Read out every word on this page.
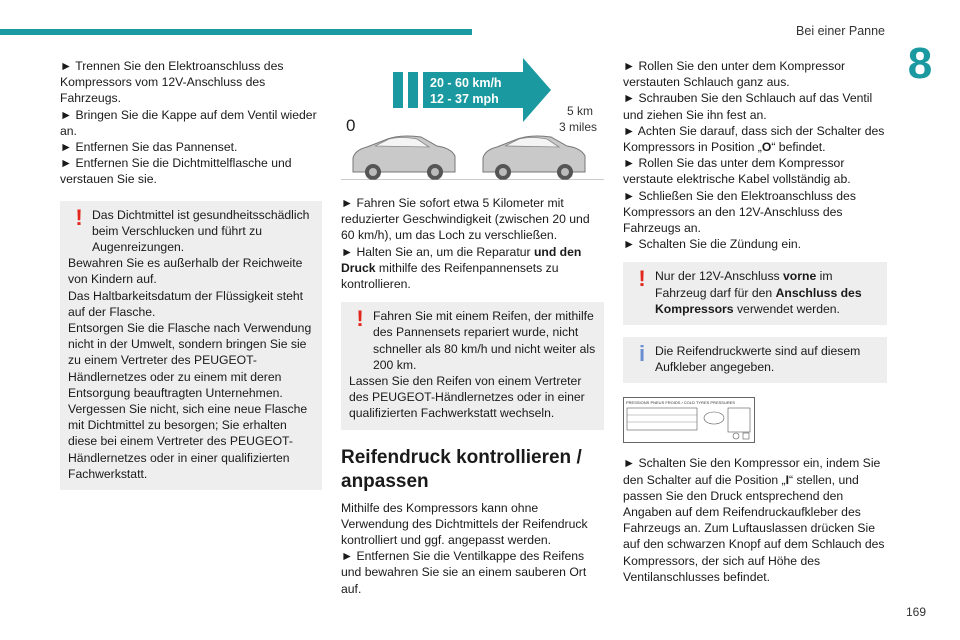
Bei einer Panne
8
169

► Trennen Sie den Elektroanschluss des Kompressors vom 12V-Anschluss des Fahrzeugs.

► Bringen Sie die Kappe auf dem Ventil wieder an.

► Entfernen Sie das Pannenset.

► Entfernen Sie die Dichtmittelflasche und verstauen Sie sie.

! Das Dichtmittel ist gesundheitsschädlich beim Verschlucken und führt zu Augenreizungen.

Bewahren Sie es außerhalb der Reichweite von Kindern auf.

Das Haltbarkeitsdatum der Flüssigkeit steht auf der Flasche.

Entsorgen Sie die Flasche nach Verwendung nicht in der Umwelt, sondern bringen Sie sie zu einem Vertreter des PEUGEOT-Händlernetzes oder zu einem mit deren Entsorgung beauftragten Unternehmen.

Vergessen Sie nicht, sich eine neue Flasche mit Dichtmittel zu besorgen; Sie erhalten diese bei einem Vertreter des PEUGEOT-Händlernetzes oder in einer qualifizierten Fachwerkstatt.

20 - 60 km/h
12 - 37 mph
0
5 km
3 miles

► Fahren Sie sofort etwa 5 Kilometer mit reduzierter Geschwindigkeit (zwischen 20 und 60 km/h), um das Loch zu verschließen.

► Halten Sie an, um die Reparatur und den Druck mithilfe des Reifenpannensets zu kontrollieren.

! Fahren Sie mit einem Reifen, der mithilfe des Pannensets repariert wurde, nicht schneller als 80 km/h und nicht weiter als 200 km.

Lassen Sie den Reifen von einem Vertreter des PEUGEOT-Händlernetzes oder in einer qualifizierten Fachwerkstatt wechseln.

Reifendruck kontrollieren / anpassen

Mithilfe des Kompressors kann ohne Verwendung des Dichtmittels der Reifendruck kontrolliert und ggf. angepasst werden.

► Entfernen Sie die Ventilkappe des Reifens und bewahren Sie sie an einem sauberen Ort auf.

► Rollen Sie den unter dem Kompressor verstauten Schlauch ganz aus.

► Schrauben Sie den Schlauch auf das Ventil und ziehen Sie ihn fest an.

► Achten Sie darauf, dass sich der Schalter des Kompressors in Position „O“ befindet.

► Rollen Sie das unter dem Kompressor verstaute elektrische Kabel vollständig ab.

► Schließen Sie den Elektroanschluss des Kompressors an den 12V-Anschluss des Fahrzeugs an.

► Schalten Sie die Zündung ein.

! Nur der 12V-Anschluss vorne im Fahrzeug darf für den Anschluss des Kompressors verwendet werden.

i Die Reifendruckwerte sind auf diesem Aufkleber angegeben.

PRESSIONS PNEUS FROIDS / COLD TYRES PRESSURES

► Schalten Sie den Kompressor ein, indem Sie den Schalter auf die Position „I“ stellen, und passen Sie den Druck entsprechend den Angaben auf dem Reifendruckaufkleber des Fahrzeugs an. Zum Luftauslassen drücken Sie auf den schwarzen Knopf auf dem Schlauch des Kompressors, der sich auf Höhe des Ventilanschlusses befindet.
